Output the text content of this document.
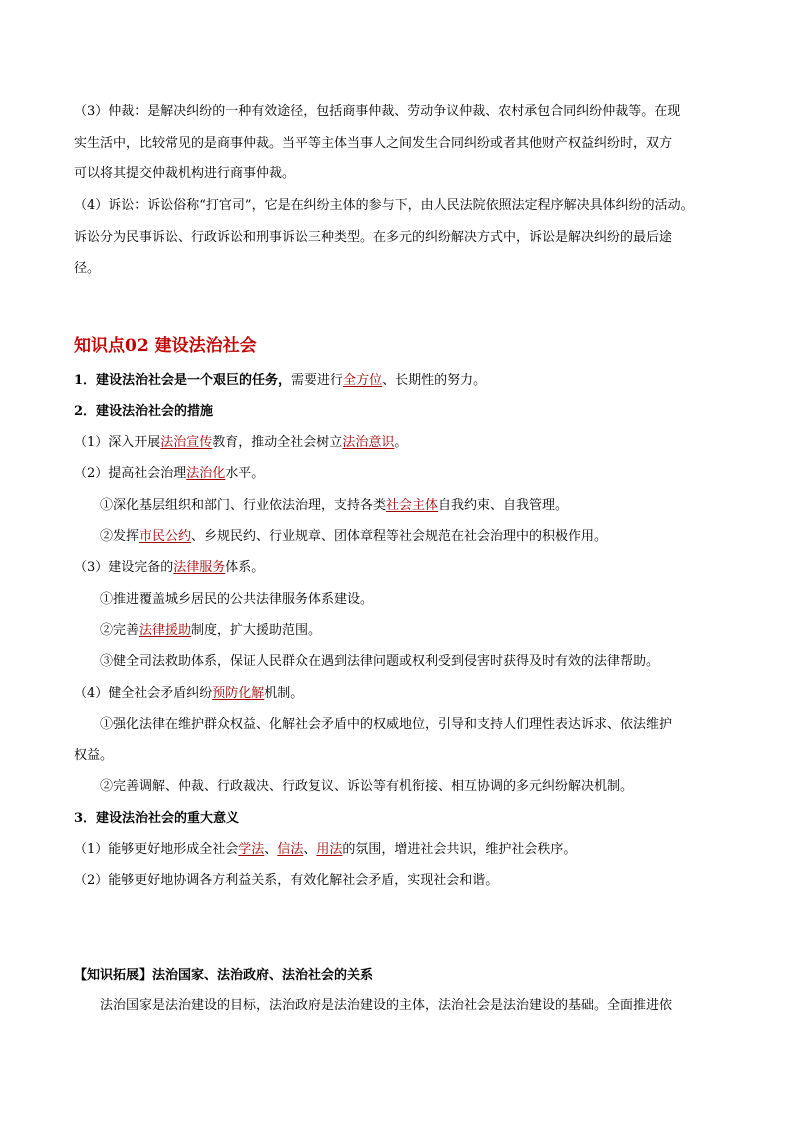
（3）仲裁：是解决纠纷的一种有效途径，包括商事仲裁、劳动争议仲裁、农村承包合同纠纷仲裁等。在现
实生活中，比较常见的是商事仲裁。当平等主体当事人之间发生合同纠纷或者其他财产权益纠纷时，双方
可以将其提交仲裁机构进行商事仲裁。
（4）诉讼：诉讼俗称“打官司”，它是在纠纷主体的参与下，由人民法院依照法定程序解决具体纠纷的活动。
诉讼分为民事诉讼、行政诉讼和刑事诉讼三种类型。在多元的纠纷解决方式中，诉讼是解决纠纷的最后途
径。
知识点02 建设法治社会
1．建设法治社会是一个艰巨的任务，需要进行全方位、长期性的努力。
2．建设法治社会的措施
（1）深入开展法治宣传教育，推动全社会树立法治意识。
（2）提高社会治理法治化水平。
①深化基层组织和部门、行业依法治理，支持各类社会主体自我约束、自我管理。
②发挥市民公约、乡规民约、行业规章、团体章程等社会规范在社会治理中的积极作用。
（3）建设完备的法律服务体系。
①推进覆盖城乡居民的公共法律服务体系建设。
②完善法律援助制度，扩大援助范围。
③健全司法救助体系，保证人民群众在遇到法律问题或权利受到侵害时获得及时有效的法律帮助。
（4）健全社会矛盾纠纷预防化解机制。
①强化法律在维护群众权益、化解社会矛盾中的权威地位，引导和支持人们理性表达诉求、依法维护
权益。
②完善调解、仲裁、行政裁决、行政复议、诉讼等有机衔接、相互协调的多元纠纷解决机制。
3．建设法治社会的重大意义
（1）能够更好地形成全社会学法、信法、用法的氛围，增进社会共识，维护社会秩序。
（2）能够更好地协调各方利益关系，有效化解社会矛盾，实现社会和谐。
【知识拓展】法治国家、法治政府、法治社会的关系
法治国家是法治建设的目标，法治政府是法治建设的主体，法治社会是法治建设的基础。全面推进依
